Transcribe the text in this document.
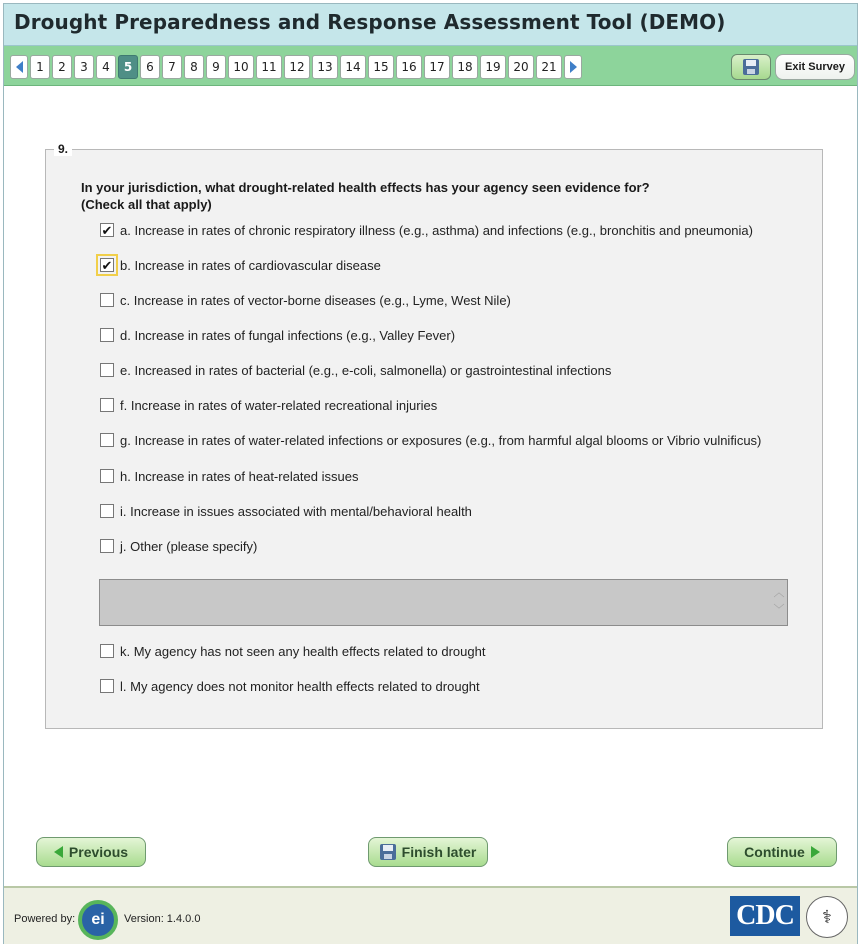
Drought Preparedness and Response Assessment Tool (DEMO)
1	2	3	4	5	6	7	8	9	10	11	12	13	14	15	16	17	18	19	20	21	Exit Survey
9.
In your jurisdiction, what drought-related health effects has your agency seen evidence for?
(Check all that apply)
✔ a. Increase in rates of chronic respiratory illness (e.g., asthma) and infections (e.g., bronchitis and pneumonia)
✔ b. Increase in rates of cardiovascular disease
c. Increase in rates of vector-borne diseases (e.g., Lyme, West Nile)
d. Increase in rates of fungal infections (e.g., Valley Fever)
e. Increased in rates of bacterial (e.g., e-coli, salmonella) or gastrointestinal infections
f. Increase in rates of water-related recreational injuries
g. Increase in rates of water-related infections or exposures (e.g., from harmful algal blooms or Vibrio vulnificus)
h. Increase in rates of heat-related issues
i. Increase in issues associated with mental/behavioral health
j. Other (please specify)
︿
﹀
k. My agency has not seen any health effects related to drought
l. My agency does not monitor health effects related to drought
Previous	Finish later	Continue
Powered by:	ei	Version: 1.4.0.0	CDC	⚕
